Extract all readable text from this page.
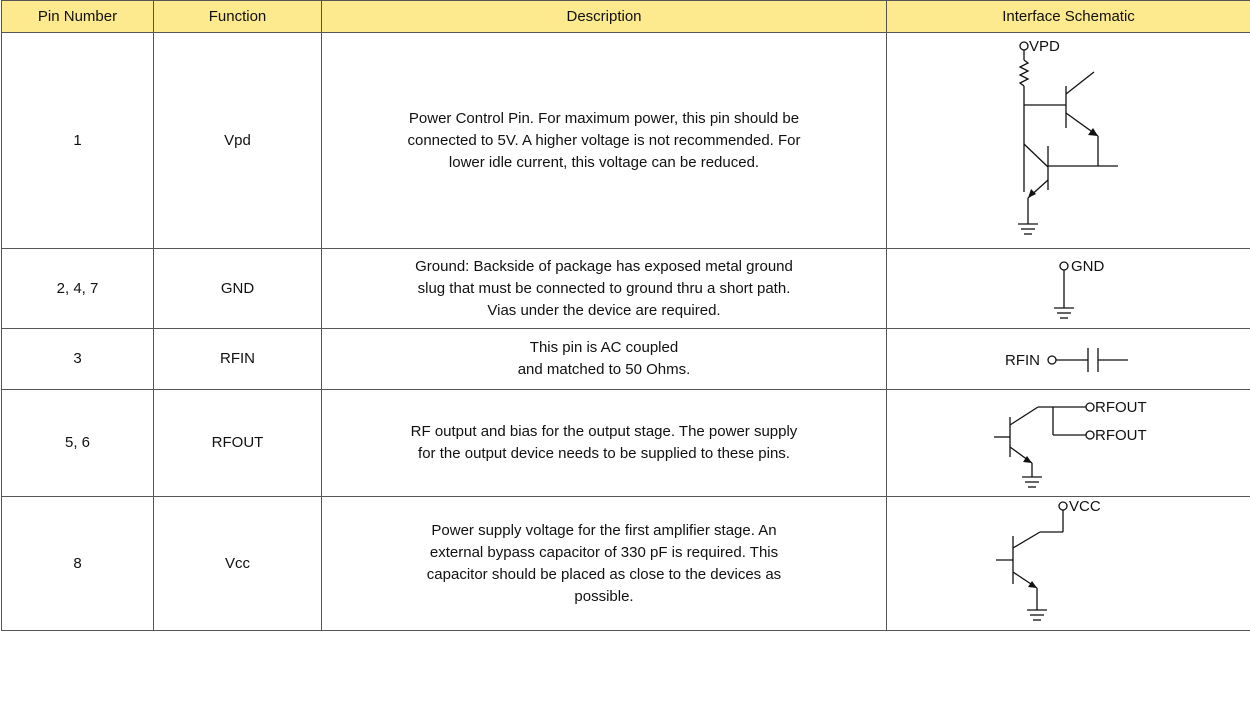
Pin Number	Function	Description	Interface Schematic
1	Vpd	Power Control Pin. For maximum power, this pin should be
connected to 5V. A higher voltage is not recommended. For
lower idle current, this voltage can be reduced.	VPD

2, 4, 7	GND	Ground: Backside of package has exposed metal ground
slug that must be connected to ground thru a short path.
Vias under the device are required.	GND

3	RFIN	This pin is AC coupled
and matched to 50 Ohms.	RFIN

5, 6	RFOUT	RF output and bias for the output stage. The power supply
for the output device needs to be supplied to these pins.	RFOUT
RFOUT

8	Vcc	Power supply voltage for the first amplifier stage. An
external bypass capacitor of 330 pF is required. This
capacitor should be placed as close to the devices as
possible.	VCC
